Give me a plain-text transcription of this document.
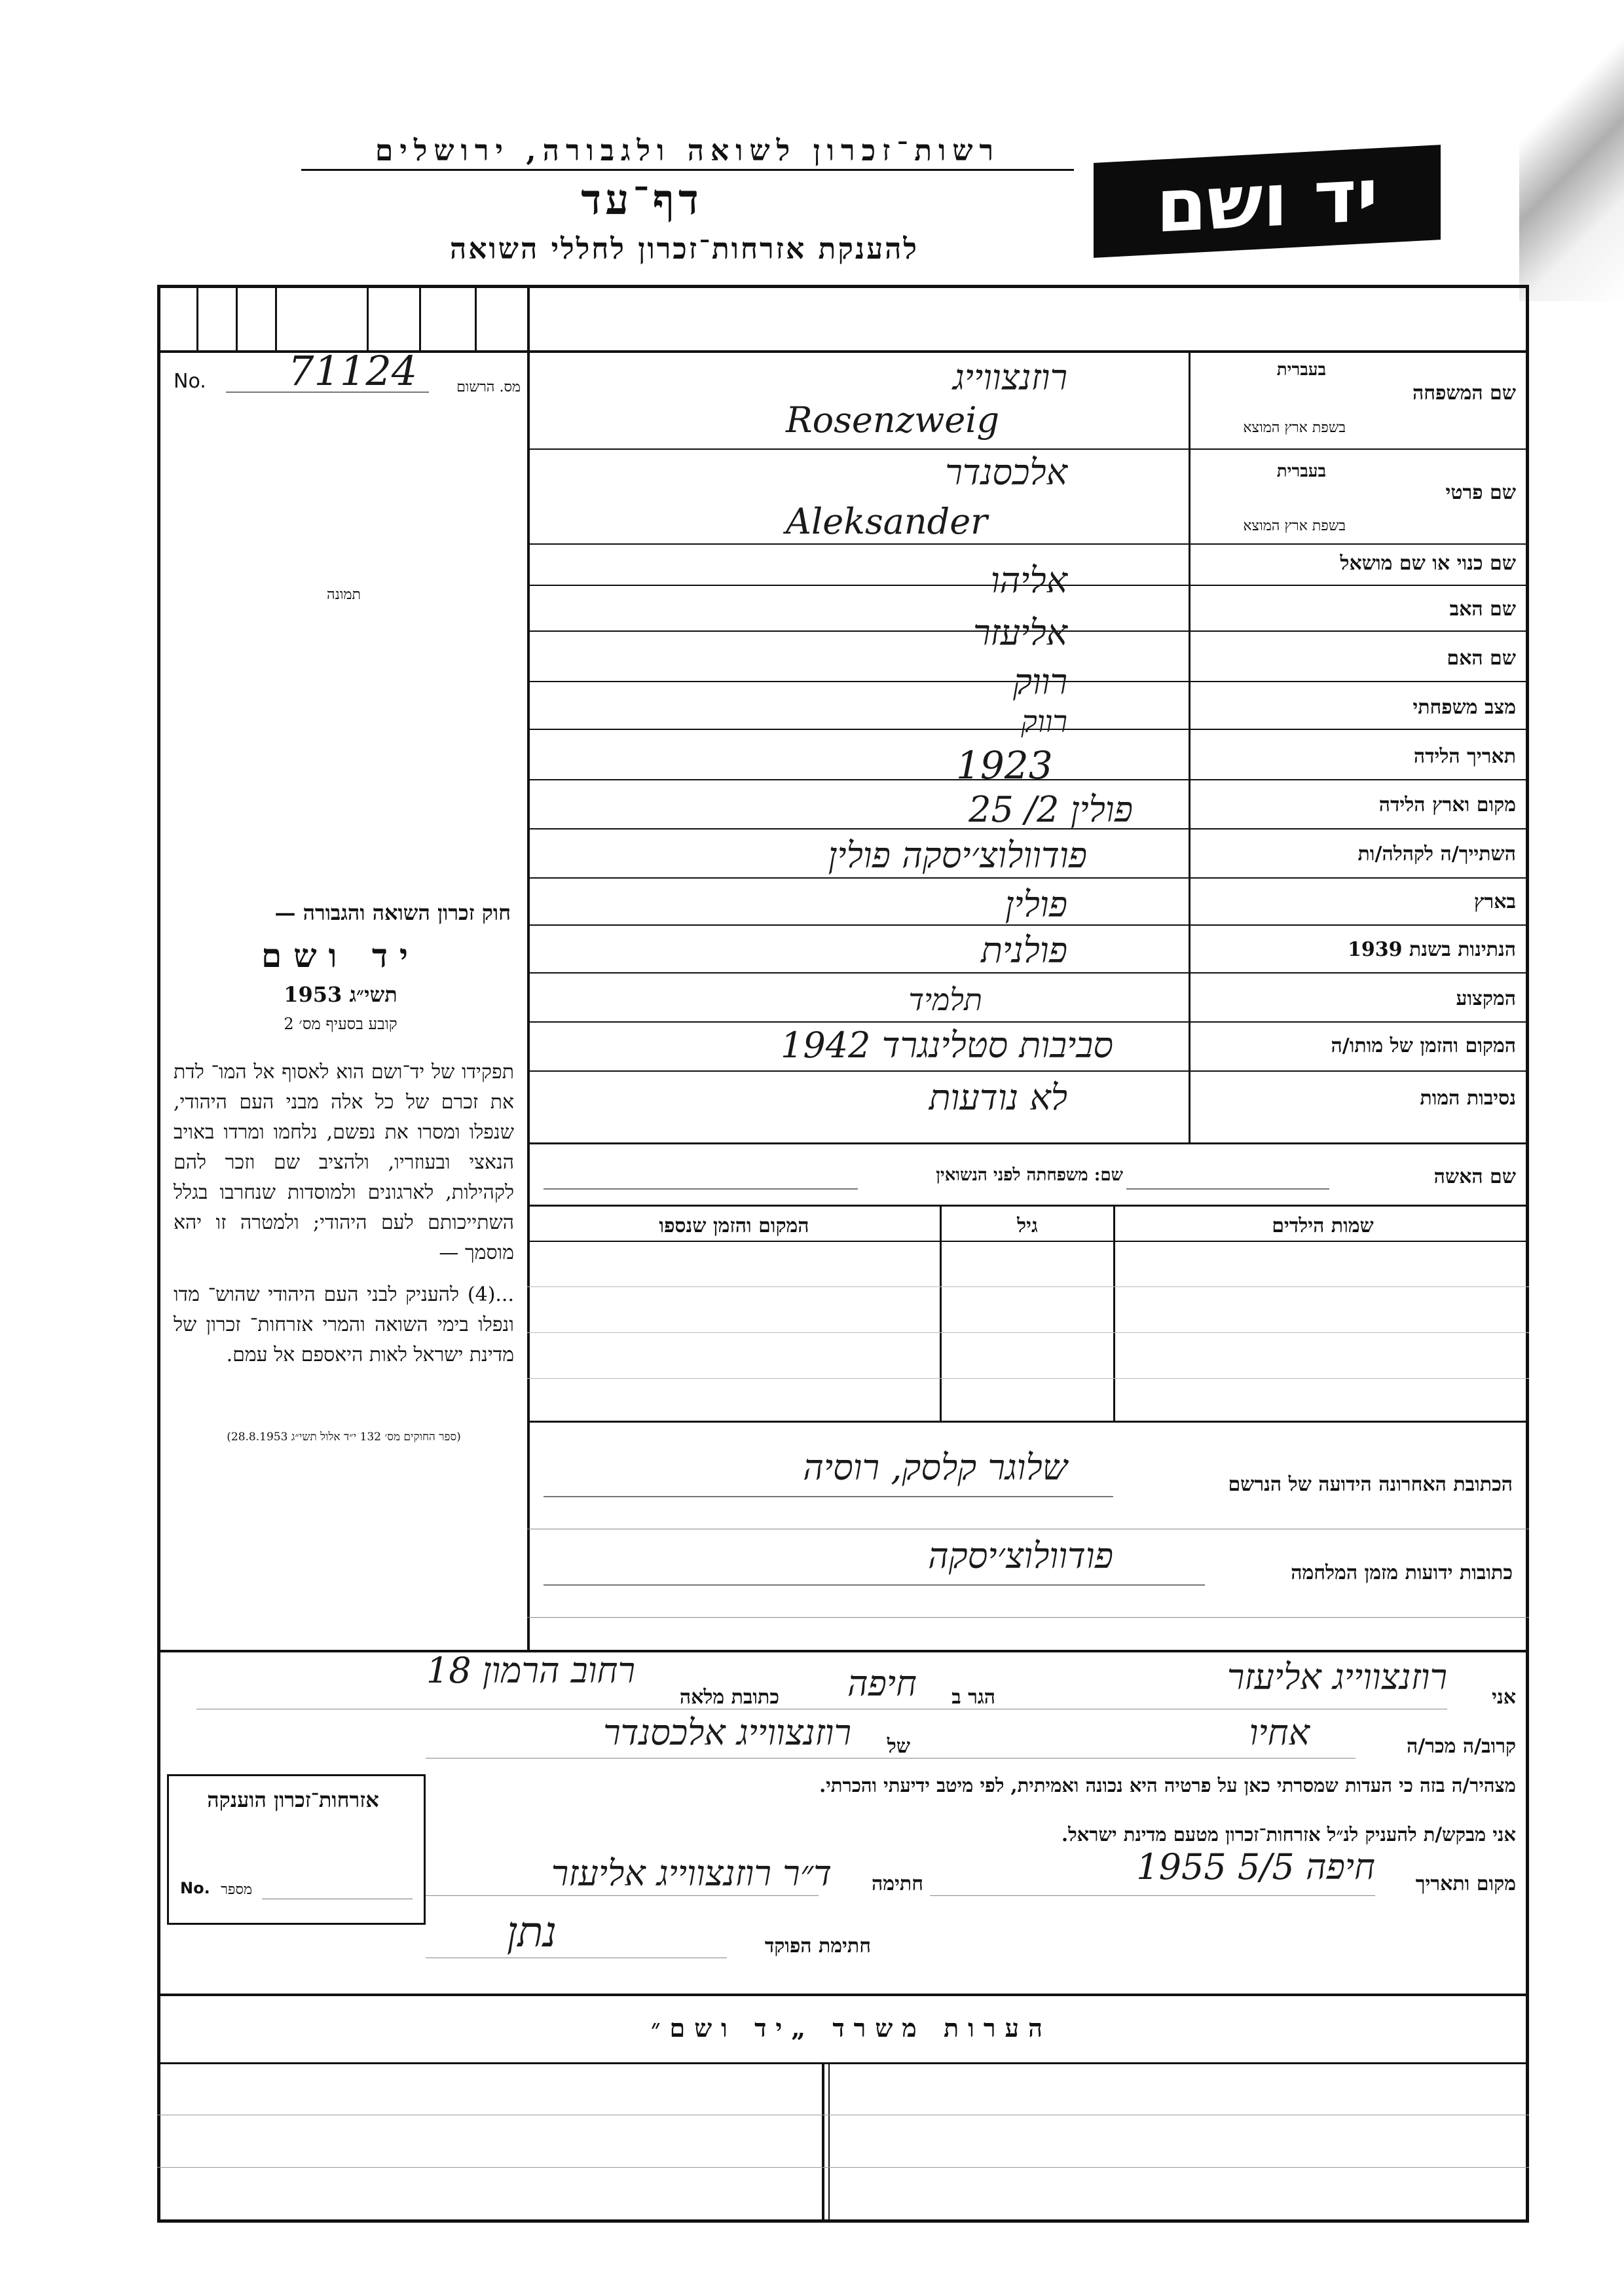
רשות־זכרון לשואה ולגבורה, ירושלים
דף־עד
להענקת אזרחות־זכרון לחללי השואה	יד ושם
No. 71124	מס. הרשום
תמונה
שם המשפחה
בעברית
בשפת ארץ המוצא
רוזנצווייג
Rosenzweig
שם פרטי
בעברית
בשפת ארץ המוצא
אלכסנדר
Aleksander
שם כנוי או שם מושאל
שם האב
אליהו
שם האם
אליעזר
מצב משפחתי
רווק
תאריך הלידה
רווק
1923
מקום וארץ הלידה
פולין 2/ 25
השתייך/ה לקהלה/ות
פודוולוצ׳יסקה פולין
בארץ
פולין
הנתינות בשנת 1939
פולנית
המקצוע
תלמיד
המקום והזמן של מותו/ה
סביבות סטלינגרד 1942
נסיבות המות
לא נודעות
שם האשה
שם: משפחתה לפני הנשואין
שמות הילדים
גיל
המקום והזמן שנספו
חוק זכרון השואה והגבורה —
יד ושם
תשי״ג 1953
קובע בסעיף מס׳ 2
תפקידו של יד־ושם הוא לאסוף אל המו־ לדת את זכרם של כל אלה מבני העם היהודי, שנפלו ומסרו את נפשם, נלחמו ומרדו באויב הנאצי ובעוזריו, ולהציב שם וזכר להם לקהילות, לארגונים ולמוסדות שנחרבו בגלל השתייכותם לעם היהודי; ולמטרה זו יהא מוסמך —
...(4) להעניק לבני העם היהודי שהוש־ מדו ונפלו בימי השואה והמרי אזרחות־ זכרון של מדינת ישראל לאות היאספם אל עמם.
(ספר החוקים מס׳ 132 י״ד אלול תשי״ג 28.8.1953)
הכתובת האחרונה הידועה של הנרשם
שלוגר קלסק, רוסיה
כתובות ידועות מזמן המלחמה
פודוולוצ׳יסקה
אני
רוזנצווייג אליעזר
הגר ב
חיפה
כתובת מלאה
רחוב הרמון 18
קרוב/ה מכר/ה
אחיו
של
רוזנצווייג אלכסנדר
מצהיר/ה בזה כי העדות שמסרתי כאן על פרטיה היא נכונה ואמיתית, לפי מיטב ידיעתי והכרתי.
אני מבקש/ת להעניק לנ״ל אזרחות־זכרון מטעם מדינת ישראל.
מקום ותאריך
חיפה 5/5 1955
חתימה
ד״ר רוזנצווייג אליעזר
חתימת הפוקד
נתן
אזרחות־זכרון הוענקה
No. מספר
הערות משרד „יד ושם״
